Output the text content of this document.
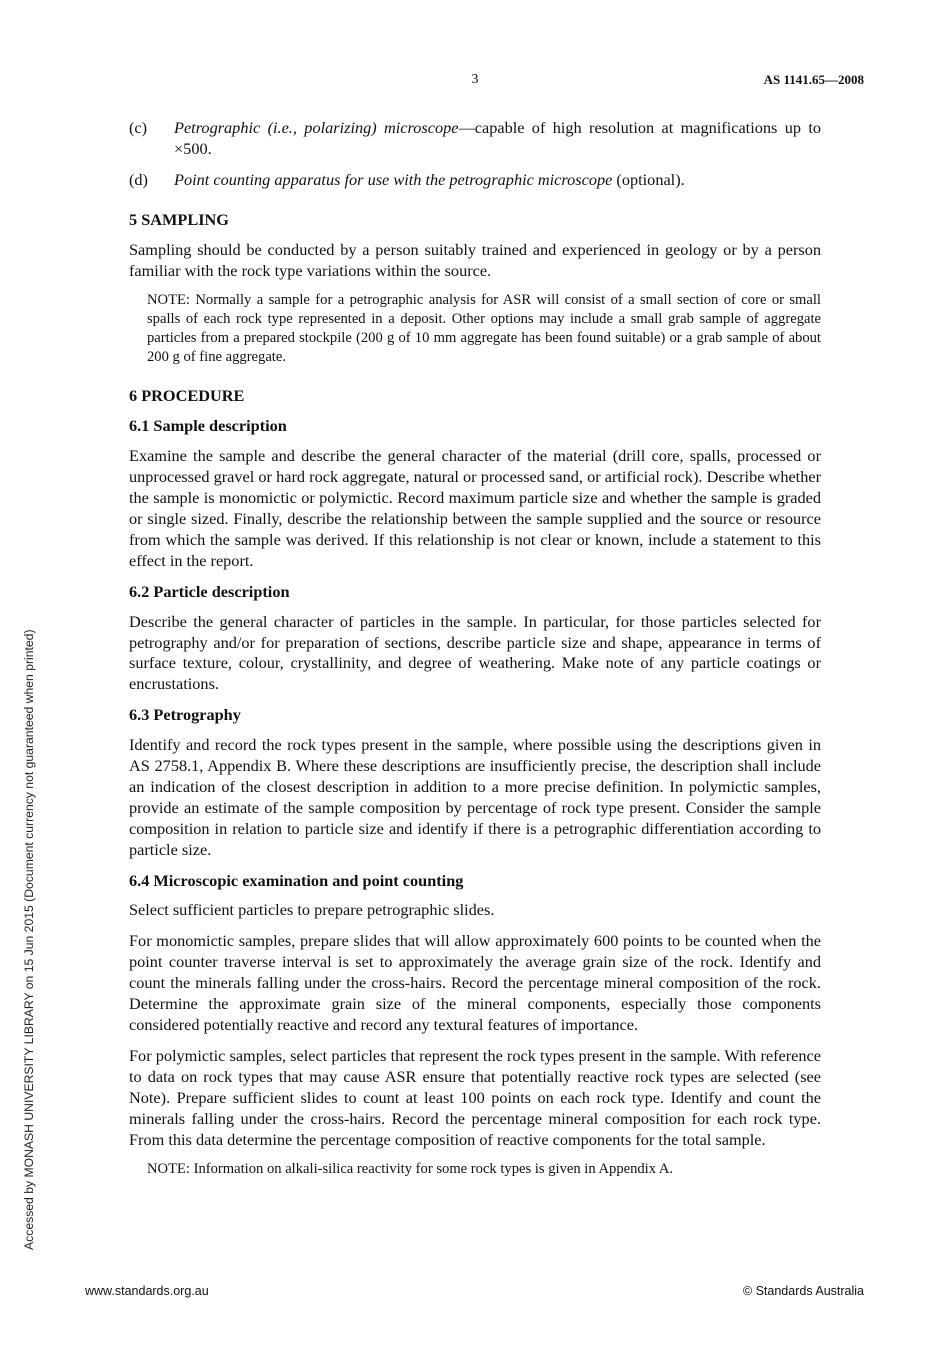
3	AS 1141.65—2008
Accessed by MONASH UNIVERSITY LIBRARY on 15 Jun 2015 (Document currency not guaranteed when printed)
(c)	Petrographic (i.e., polarizing) microscope—capable of high resolution at magnifications up to ×500.
(d)	Point counting apparatus for use with the petrographic microscope (optional).
5 SAMPLING

Sampling should be conducted by a person suitably trained and experienced in geology or by a person familiar with the rock type variations within the source.

NOTE: Normally a sample for a petrographic analysis for ASR will consist of a small section of core or small spalls of each rock type represented in a deposit. Other options may include a small grab sample of aggregate particles from a prepared stockpile (200 g of 10 mm aggregate has been found suitable) or a grab sample of about 200 g of fine aggregate.

6 PROCEDURE
6.1 Sample description

Examine the sample and describe the general character of the material (drill core, spalls, processed or unprocessed gravel or hard rock aggregate, natural or processed sand, or artificial rock). Describe whether the sample is monomictic or polymictic. Record maximum particle size and whether the sample is graded or single sized. Finally, describe the relationship between the sample supplied and the source or resource from which the sample was derived. If this relationship is not clear or known, include a statement to this effect in the report.

6.2 Particle description

Describe the general character of particles in the sample. In particular, for those particles selected for petrography and/or for preparation of sections, describe particle size and shape, appearance in terms of surface texture, colour, crystallinity, and degree of weathering. Make note of any particle coatings or encrustations.

6.3 Petrography

Identify and record the rock types present in the sample, where possible using the descriptions given in AS 2758.1, Appendix B. Where these descriptions are insufficiently precise, the description shall include an indication of the closest description in addition to a more precise definition. In polymictic samples, provide an estimate of the sample composition by percentage of rock type present. Consider the sample composition in relation to particle size and identify if there is a petrographic differentiation according to particle size.

6.4 Microscopic examination and point counting

Select sufficient particles to prepare petrographic slides.

For monomictic samples, prepare slides that will allow approximately 600 points to be counted when the point counter traverse interval is set to approximately the average grain size of the rock. Identify and count the minerals falling under the cross-hairs. Record the percentage mineral composition of the rock. Determine the approximate grain size of the mineral components, especially those components considered potentially reactive and record any textural features of importance.

For polymictic samples, select particles that represent the rock types present in the sample. With reference to data on rock types that may cause ASR ensure that potentially reactive rock types are selected (see Note). Prepare sufficient slides to count at least 100 points on each rock type. Identify and count the minerals falling under the cross-hairs. Record the percentage mineral composition for each rock type. From this data determine the percentage composition of reactive components for the total sample.

NOTE: Information on alkali-silica reactivity for some rock types is given in Appendix A.

www.standards.org.au	© Standards Australia
